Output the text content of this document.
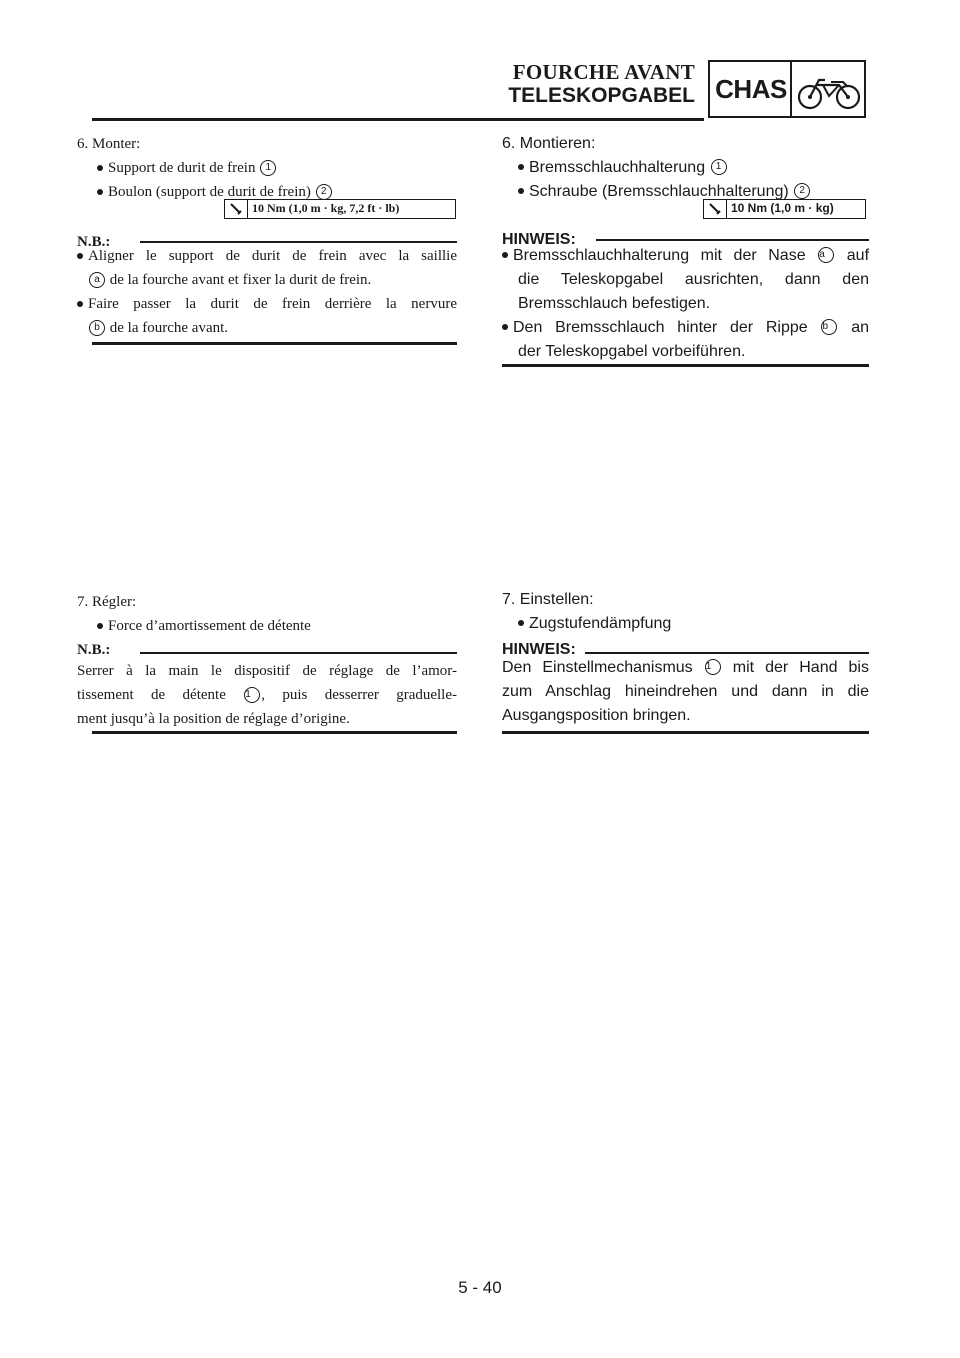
FOURCHE AVANT
TELESKOPGABEL CHAS
6. Monter:
Support de durit de frein 1
Boulon (support de durit de frein) 2
10 Nm (1,0 m · kg, 7,2 ft · lb)
N.B.:
Aligner le support de durit de frein avec la saillie
a de la fourche avant et fixer la durit de frein.
Faire passer la durit de frein derrière la nervure
b de la fourche avant.
7. Régler:
Force d’amortissement de détente
N.B.:
Serrer à la main le dispositif de réglage de l’amor-
tissement de détente 1 , puis desserrer graduelle-
ment jusqu’à la position de réglage d’origine.
6. Montieren:
Bremsschlauchhalterung 1
Schraube (Bremsschlauchhalterung) 2
10 Nm (1,0 m · kg)
HINWEIS:
Bremsschlauchhalterung mit der Nase a auf
die Teleskopgabel ausrichten, dann den
Bremsschlauch befestigen.
Den Bremsschlauch hinter der Rippe b an
der Teleskopgabel vorbeiführen.
7. Einstellen:
Zugstufendämpfung
HINWEIS:
Den Einstellmechanismus 1 mit der Hand bis
zum Anschlag hineindrehen und dann in die
Ausgangsposition bringen.
5 - 40
